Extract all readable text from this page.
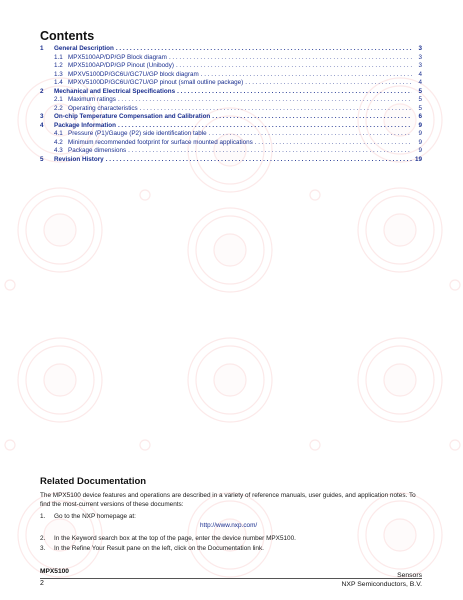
Contents
1	General Description . . .	3
1.1 MPX5100AP/DP/GP Block diagram . . .	3
1.2 MPX5100AP/DP/GP Pinout (Unibody) . . .	3
1.3 MPXV5100DP/GC6U/GC7U/GP block diagram . . .	4
1.4 MPXV5100DP/GC6U/GC7U/GP pinout (small outline package) . . .	4
2	Mechanical and Electrical Specifications . . .	5
2.1 Maximum ratings . . .	5
2.2 Operating characteristics . . .	5
3	On-chip Temperature Compensation and Calibration . . .	6
4	Package Information . . .	9
4.1 Pressure (P1)/Gauge (P2) side identification table . . .	9
4.2 Minimum recommended footprint for surface mounted applications . . .	9
4.3 Package dimensions . . .	9
5	Revision History . . .	19
Related Documentation
The MPX5100 device features and operations are described in a variety of reference manuals, user guides, and application notes. To find the most-current versions of these documents:
1. Go to the NXP homepage at:
http://www.nxp.com/
2. In the Keyword search box at the top of the page, enter the device number MPX5100.
3. In the Refine Your Result pane on the left, click on the Documentation link.
MPX5100
2
Sensors
NXP Semiconductors, B.V.
